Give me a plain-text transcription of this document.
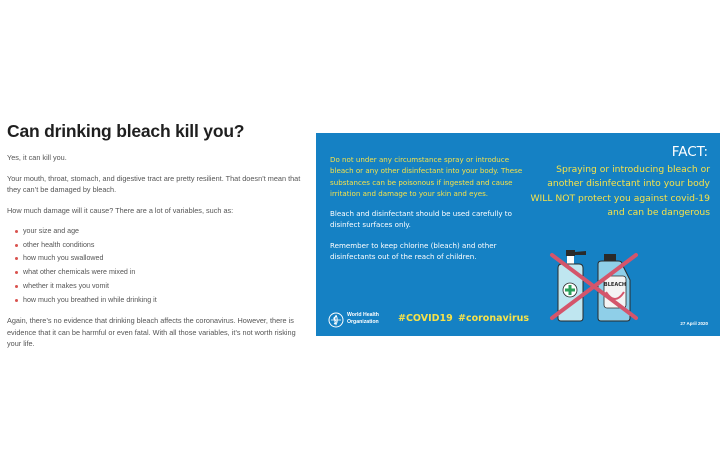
Can drinking bleach kill you?

Yes, it can kill you.

Your mouth, throat, stomach, and digestive tract are pretty resilient. That doesn’t mean that they can’t be damaged by bleach.

How much damage will it cause? There are a lot of variables, such as:

your size and age
other health conditions
how much you swallowed
what other chemicals were mixed in
whether it makes you vomit
how much you breathed in while drinking it

Again, there’s no evidence that drinking bleach affects the coronavirus. However, there is evidence that it can be harmful or even fatal. With all those variables, it’s not worth risking your life.

Do not under any circumstance spray or introduce bleach or any other disinfectant into your body. These substances can be poisonous if ingested and cause irritation and damage to your skin and eyes.

Bleach and disinfectant should be used carefully to disinfect surfaces only.

Remember to keep chlorine (bleach) and other disinfectants out of the reach of children.

FACT:
Spraying or introducing bleach or another disinfectant into your body WILL NOT protect you against covid-19 and can be dangerous
BLEACH
World Health Organization	#COVID19 #coronavirus	27 April 2020
